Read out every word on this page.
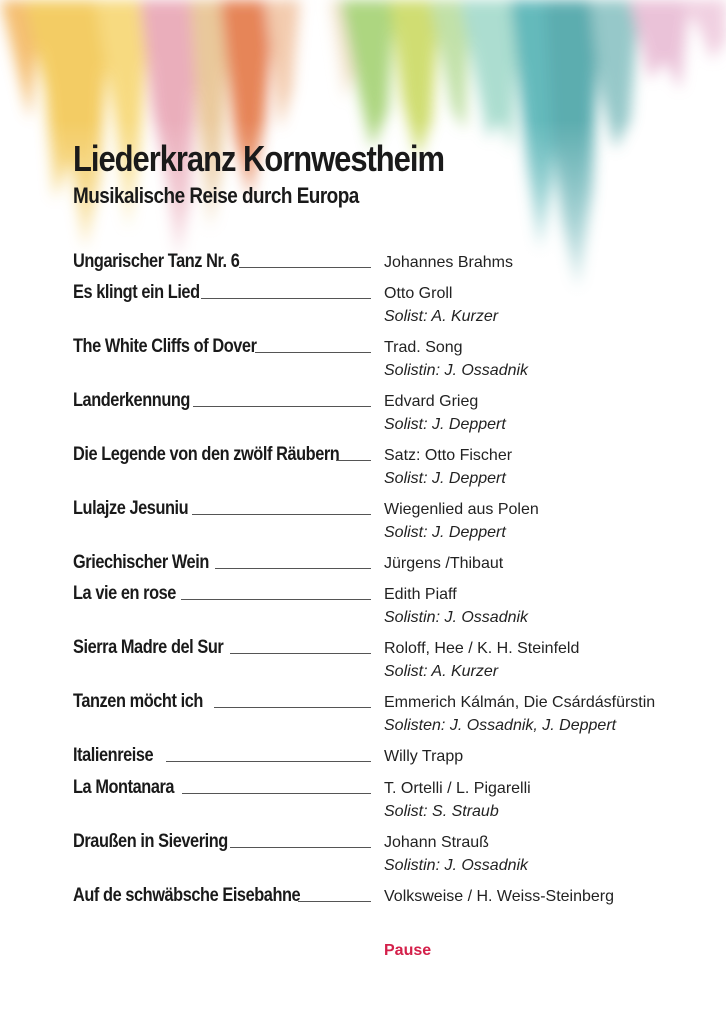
Liederkranz Kornwestheim
Musikalische Reise durch Europa
Ungarischer Tanz Nr. 6	Johannes Brahms
Es klingt ein Lied	Otto Groll
Solist: A. Kurzer
The White Cliffs of Dover	Trad. Song
Solistin: J. Ossadnik
Landerkennung	Edvard Grieg
Solist: J. Deppert
Die Legende von den zwölf Räubern	Satz: Otto Fischer
Solist: J. Deppert
Lulajze Jesuniu	Wiegenlied aus Polen
Solist: J. Deppert
Griechischer Wein	Jürgens /Thibaut
La vie en rose	Edith Piaff
Solistin: J. Ossadnik
Sierra Madre del Sur	Roloff, Hee / K. H. Steinfeld
Solist: A. Kurzer
Tanzen möcht ich	Emmerich Kálmán, Die Csárdásfürstin
Solisten: J. Ossadnik, J. Deppert
Italienreise	Willy Trapp
La Montanara	T. Ortelli / L. Pigarelli
Solist: S. Straub
Draußen in Sievering	Johann Strauß
Solistin: J. Ossadnik
Auf de schwäbsche Eisebahne	Volksweise / H. Weiss-Steinberg
Pause
